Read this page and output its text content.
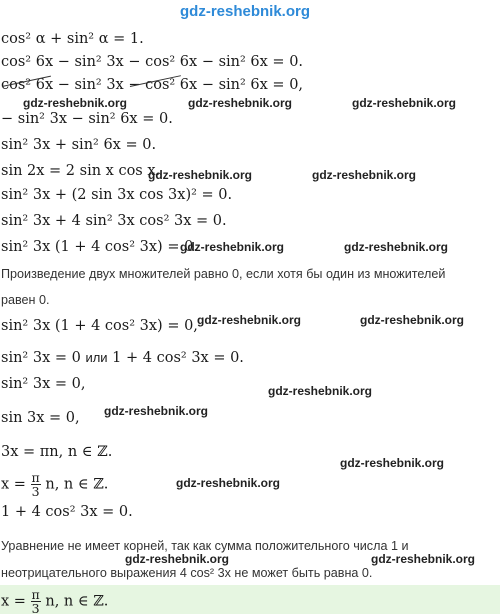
gdz-reshebnik.org
cos² α + sin² α = 1.
cos² 6x − sin² 3x − cos² 6x − sin² 6x = 0.
cos² 6x − sin² 3x − cos² 6x − sin² 6x = 0,
gdz-reshebnik.org	gdz-reshebnik.org	gdz-reshebnik.org
− sin² 3x − sin² 6x = 0.
sin² 3x + sin² 6x = 0.
sin 2x = 2 sin x cos x.
gdz-reshebnik.org	gdz-reshebnik.org
sin² 3x + (2 sin 3x cos 3x)² = 0.
sin² 3x + 4 sin² 3x cos² 3x = 0.
sin² 3x (1 + 4 cos² 3x) = 0.
gdz-reshebnik.org	gdz-reshebnik.org
Произведение двух множителей равно 0, если хотя бы один из множителей
равен 0.
gdz-reshebnik.org	gdz-reshebnik.org
sin² 3x (1 + 4 cos² 3x) = 0,
sin² 3x = 0 или 1 + 4 cos² 3x = 0.
sin² 3x = 0,	gdz-reshebnik.org
gdz-reshebnik.org
sin 3x = 0,
3x = πn, n ∈ ℤ.
gdz-reshebnik.org
$x = \frac{\pi}{3} n$, n ∈ ℤ.	gdz-reshebnik.org
1 + 4 cos² 3x = 0.
Уравнение не имеет корней, так как сумма положительного числа 1 и
gdz-reshebnik.org	gdz-reshebnik.org
неотрицательного выражения 4 cos² 3x не может быть равна 0.
$x = \frac{\pi}{3} n$, n ∈ ℤ.
